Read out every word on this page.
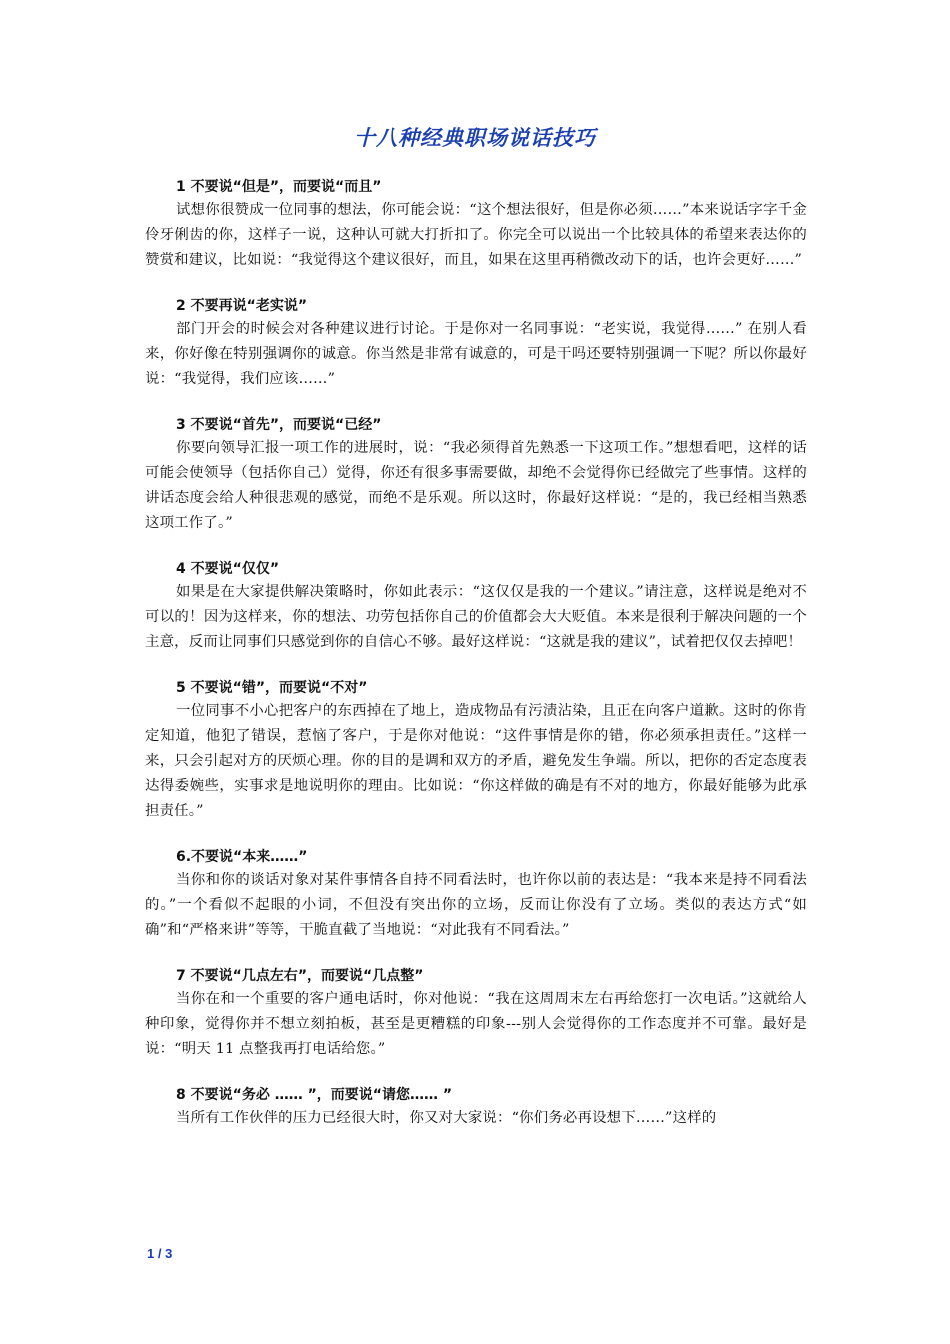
十八种经典职场说话技巧

1 不要说“但是”，而要说“而且”

试想你很赞成一位同事的想法，你可能会说：“这个想法很好，但是你必须……”本来说话字字千金伶牙俐齿的你，这样子一说，这种认可就大打折扣了。你完全可以说出一个比较具体的希望来表达你的赞赏和建议，比如说：“我觉得这个建议很好，而且，如果在这里再稍微改动下的话，也许会更好……”

2 不要再说“老实说”

部门开会的时候会对各种建议进行讨论。于是你对一名同事说：“老实说，我觉得……” 在别人看来，你好像在特别强调你的诚意。你当然是非常有诚意的，可是干吗还要特别强调一下呢？所以你最好说：“我觉得，我们应该……”

3 不要说“首先”，而要说“已经”

你要向领导汇报一项工作的进展时，说：“我必须得首先熟悉一下这项工作。”想想看吧，这样的话可能会使领导（包括你自己）觉得，你还有很多事需要做，却绝不会觉得你已经做完了些事情。这样的讲话态度会给人种很悲观的感觉，而绝不是乐观。所以这时，你最好这样说：“是的，我已经相当熟悉这项工作了。”

4 不要说“仅仅”

如果是在大家提供解决策略时，你如此表示：“这仅仅是我的一个建议。”请注意，这样说是绝对不可以的！因为这样来，你的想法、功劳包括你自己的价值都会大大贬值。本来是很利于解决问题的一个主意，反而让同事们只感觉到你的自信心不够。最好这样说：“这就是我的建议”，试着把仅仅去掉吧！

5 不要说“错”，而要说“不对”

一位同事不小心把客户的东西掉在了地上，造成物品有污渍沾染，且正在向客户道歉。这时的你肯定知道，他犯了错误，惹恼了客户，于是你对他说：“这件事情是你的错，你必须承担责任。”这样一来，只会引起对方的厌烦心理。你的目的是调和双方的矛盾，避免发生争端。所以，把你的否定态度表达得委婉些，实事求是地说明你的理由。比如说：“你这样做的确是有不对的地方，你最好能够为此承担责任。”

6.不要说“本来……”

当你和你的谈话对象对某件事情各自持不同看法时，也许你以前的表达是：“我本来是持不同看法的。”一个看似不起眼的小词，不但没有突出你的立场，反而让你没有了立场。类似的表达方式“如确”和“严格来讲”等等，干脆直截了当地说：“对此我有不同看法。”

7 不要说“几点左右”，而要说“几点整”

当你在和一个重要的客户通电话时，你对他说：“我在这周周末左右再给您打一次电话。”这就给人种印象，觉得你并不想立刻拍板，甚至是更糟糕的印象---别人会觉得你的工作态度并不可靠。最好是说：“明天 11 点整我再打电话给您。”

8 不要说“务必 …… ”，而要说“请您…… ”

当所有工作伙伴的压力已经很大时，你又对大家说：“你们务必再设想下……”这样的

1 / 3
